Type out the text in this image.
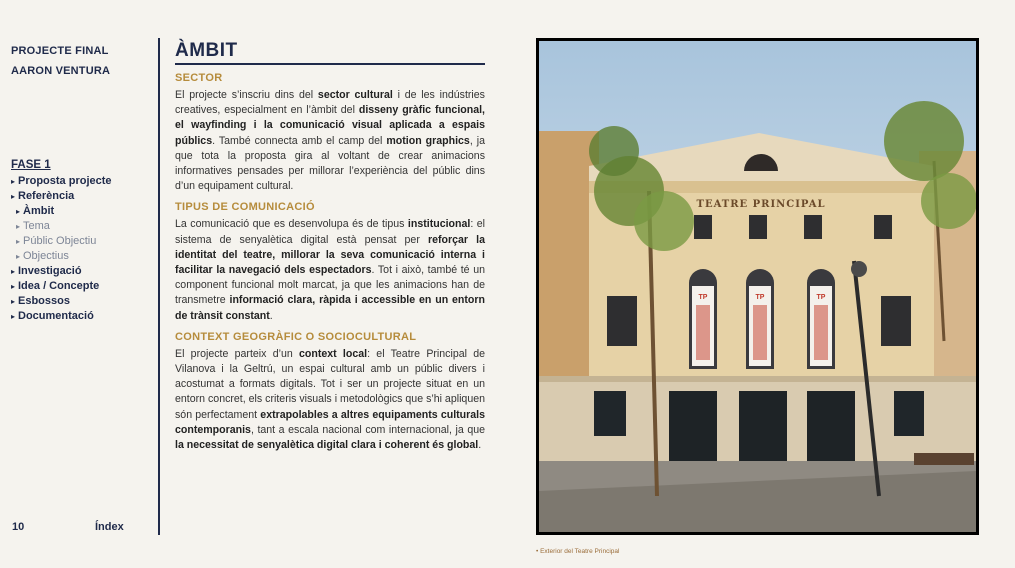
PROJECTE FINAL
AARON VENTURA
FASE 1
▸ Proposta projecte
▸ Referència
▸ Àmbit
▸ Tema
▸ Públic Objectiu
▸ Objectius
▸ Investigació
▸ Idea / Concepte
▸ Esbossos
▸ Documentació
10	Índex
ÀMBIT
SECTOR

El projecte s’inscriu dins del sector cultural i de les indústries creatives, especialment en l’àmbit del disseny gràfic funcional, el wayfinding i la comunicació visual aplicada a espais públics. També connecta amb el camp del motion graphics, ja que tota la proposta gira al voltant de crear animacions informatives pensades per millorar l’experiència del públic dins d’un equipament cultural.

TIPUS DE COMUNICACIÓ

La comunicació que es desenvolupa és de tipus institucional: el sistema de senyalètica digital està pensat per reforçar la identitat del teatre, millorar la seva comunicació interna i facilitar la navegació dels espectadors. Tot i això, també té un component funcional molt marcat, ja que les animacions han de transmetre informació clara, ràpida i accessible en un entorn de trànsit constant.

CONTEXT GEOGRÀFIC O SOCIOCULTURAL

El projecte parteix d’un context local: el Teatre Principal de Vilanova i la Geltrú, un espai cultural amb un públic divers i acostumat a formats digitals. Tot i ser un projecte situat en un entorn concret, els criteris visuals i metodològics que s’hi apliquen són perfectament extrapolables a altres equipaments culturals contemporanis, tant a escala nacional com internacional, ja que la necessitat de senyalètica digital clara i coherent és global.

TEATRE PRINCIPAL
TP	TP	TP
• Exterior del Teatre Principal
